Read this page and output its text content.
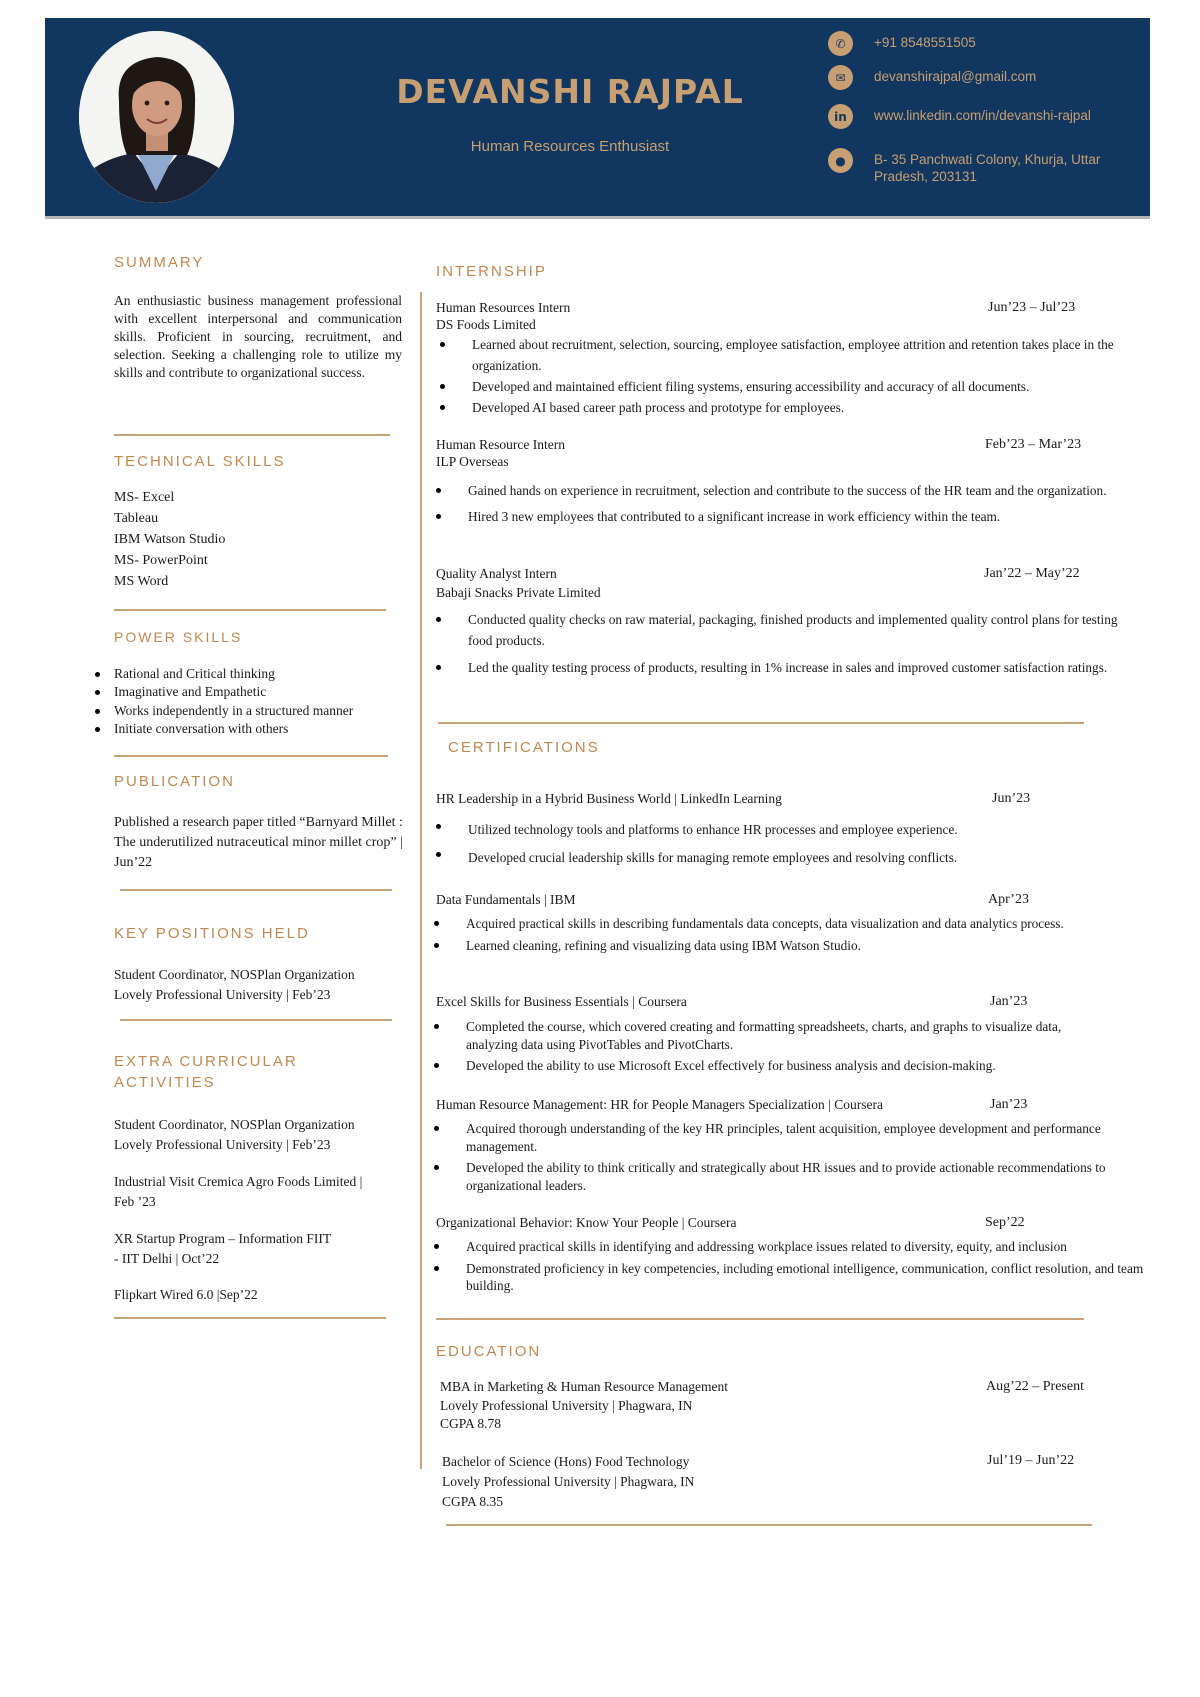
DEVANSHI RAJPAL
Human Resources Enthusiast
✆	+91 8548551505
✉	devanshirajpal@gmail.com
in	www.linkedin.com/in/devanshi-rajpal
●	B- 35 Panchwati Colony, Khurja, Uttar Pradesh, 203131
SUMMARY
An enthusiastic business management professional with excellent interpersonal and communication skills. Proficient in sourcing, recruitment, and selection. Seeking a challenging role to utilize my skills and contribute to organizational success.
TECHNICAL SKILLS
MS- Excel
Tableau
IBM Watson Studio
MS- PowerPoint
MS Word
POWER SKILLS
Rational and Critical thinking
Imaginative and Empathetic
Works independently in a structured manner
Initiate conversation with others
PUBLICATION
Published a research paper titled “Barnyard Millet : The underutilized nutraceutical minor millet crop” | Jun’22
KEY POSITIONS HELD
Student Coordinator, NOSPlan Organization
Lovely Professional University | Feb’23
EXTRA CURRICULAR
ACTIVITIES
Student Coordinator, NOSPlan Organization
Lovely Professional University | Feb’23
Industrial Visit Cremica Agro Foods Limited |
Feb ’23
XR Startup Program – Information FIIT
- IIT Delhi | Oct’22
Flipkart Wired 6.0 |Sep’22
INTERNSHIP
Human Resources Intern
DS Foods Limited
Jun’23 – Jul’23
Learned about recruitment, selection, sourcing, employee satisfaction, employee attrition and retention takes place in the organization.
Developed and maintained efficient filing systems, ensuring accessibility and accuracy of all documents.
Developed AI based career path process and prototype for employees.
Human Resource Intern
ILP Overseas
Feb’23 – Mar’23
Gained hands on experience in recruitment, selection and contribute to the success of the HR team and the organization.
Hired 3 new employees that contributed to a significant increase in work efficiency within the team.
Quality Analyst Intern
Babaji Snacks Private Limited
Jan’22 – May’22
Conducted quality checks on raw material, packaging, finished products and implemented quality control plans for testing food products.
Led the quality testing process of products, resulting in 1% increase in sales and improved customer satisfaction ratings.
CERTIFICATIONS
HR Leadership in a Hybrid Business World | LinkedIn Learning	Jun’23
Utilized technology tools and platforms to enhance HR processes and employee experience.
Developed crucial leadership skills for managing remote employees and resolving conflicts.
Data Fundamentals | IBM	Apr’23
Acquired practical skills in describing fundamentals data concepts, data visualization and data analytics process.
Learned cleaning, refining and visualizing data using IBM Watson Studio.
Excel Skills for Business Essentials | Coursera	Jan’23
Completed the course, which covered creating and formatting spreadsheets, charts, and graphs to visualize data, analyzing data using PivotTables and PivotCharts.
Developed the ability to use Microsoft Excel effectively for business analysis and decision-making.
Human Resource Management: HR for People Managers Specialization | Coursera	Jan’23
Acquired thorough understanding of the key HR principles, talent acquisition, employee development and performance management.
Developed the ability to think critically and strategically about HR issues and to provide actionable recommendations to organizational leaders.
Organizational Behavior: Know Your People | Coursera	Sep’22
Acquired practical skills in identifying and addressing workplace issues related to diversity, equity, and inclusion
Demonstrated proficiency in key competencies, including emotional intelligence, communication, conflict resolution, and team building.
EDUCATION
MBA in Marketing & Human Resource Management
Lovely Professional University | Phagwara, IN
CGPA 8.78
Aug’22 – Present
Bachelor of Science (Hons) Food Technology
Lovely Professional University | Phagwara, IN
CGPA 8.35
Jul’19 – Jun’22
